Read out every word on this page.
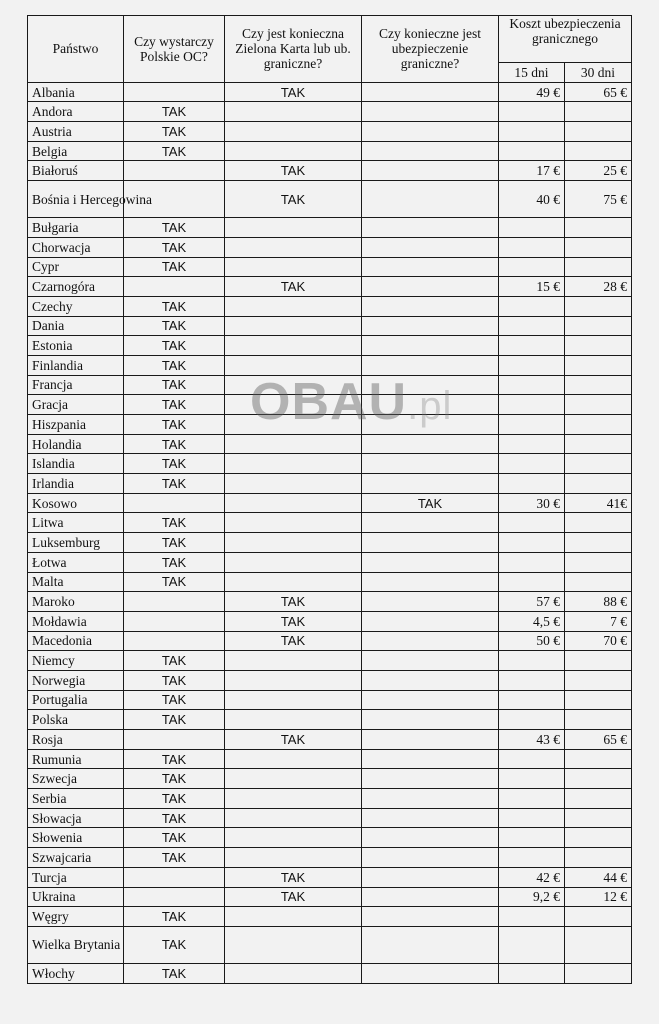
Państwo	Czy wystarczy Polskie OC?	Czy jest konieczna Zielona Karta lub ub. graniczne?	Czy konieczne jest ubezpieczenie graniczne?	Koszt ubezpieczenia granicznego	
				15 dni	30 dni
Albania		TAK		49 €	65 €
Andora	TAK				
Austria	TAK				
Belgia	TAK				
Białoruś		TAK		17 €	25 €
Bośnia i Hercegowina		TAK		40 €	75 €
Bułgaria	TAK				
Chorwacja	TAK				
Cypr	TAK				
Czarnogóra		TAK		15 €	28 €
Czechy	TAK				
Dania	TAK				
Estonia	TAK				
Finlandia	TAK				
Francja	TAK				
Gracja	TAK				
Hiszpania	TAK				
Holandia	TAK				
Islandia	TAK				
Irlandia	TAK				
Kosowo			TAK	30 €	41€
Litwa	TAK				
Luksemburg	TAK				
Łotwa	TAK				
Malta	TAK				
Maroko		TAK		57 €	88 €
Mołdawia		TAK		4,5 €	7 €
Macedonia		TAK		50 €	70 €
Niemcy	TAK				
Norwegia	TAK				
Portugalia	TAK				
Polska	TAK				
Rosja		TAK		43 €	65 €
Rumunia	TAK				
Szwecja	TAK				
Serbia	TAK				
Słowacja	TAK				
Słowenia	TAK				
Szwajcaria	TAK				
Turcja		TAK		42 €	44 €
Ukraina		TAK		9,2 €	12 €
Węgry	TAK				
Wielka Brytania	TAK				
Włochy	TAK				
OBAU.pl
